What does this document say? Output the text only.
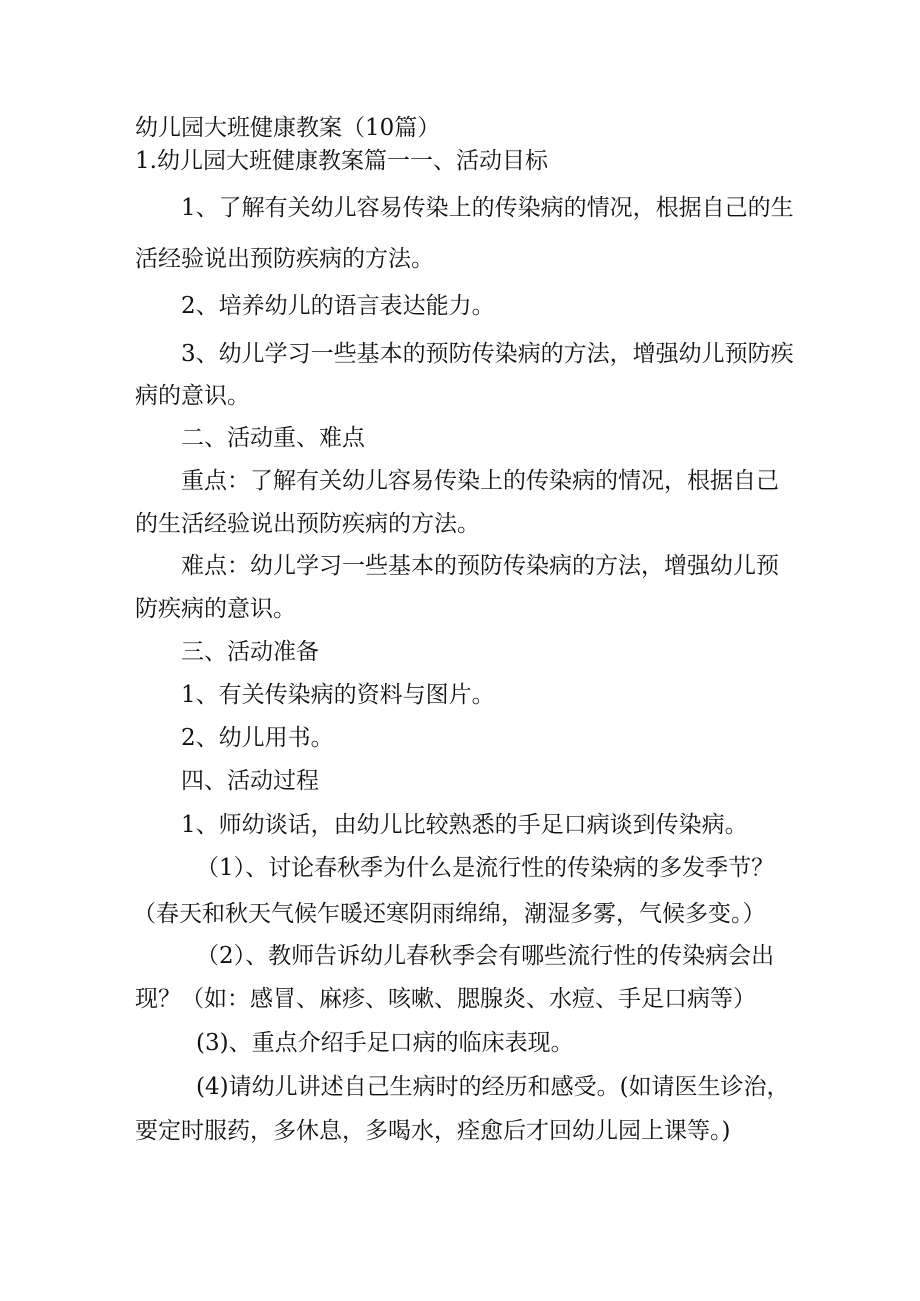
幼儿园大班健康教案（10篇）
1.幼儿园大班健康教案篇一一、活动目标
1、了解有关幼儿容易传染上的传染病的情况，根据自己的生
活经验说出预防疾病的方法。
2、培养幼儿的语言表达能力。
3、幼儿学习一些基本的预防传染病的方法，增强幼儿预防疾
病的意识。
二、活动重、难点
重点：了解有关幼儿容易传染上的传染病的情况，根据自己
的生活经验说出预防疾病的方法。
难点：幼儿学习一些基本的预防传染病的方法，增强幼儿预
防疾病的意识。
三、活动准备
1、有关传染病的资料与图片。
2、幼儿用书。
四、活动过程
1、师幼谈话，由幼儿比较熟悉的手足口病谈到传染病。
（1）、讨论春秋季为什么是流行性的传染病的多发季节？
（春天和秋天气候乍暖还寒阴雨绵绵，潮湿多雾，气候多变。）
（2）、教师告诉幼儿春秋季会有哪些流行性的传染病会出
现？（如：感冒、麻疹、咳嗽、腮腺炎、水痘、手足口病等）
(3)、重点介绍手足口病的临床表现。
(4)请幼儿讲述自己生病时的经历和感受。(如请医生诊治，
要定时服药，多休息，多喝水，痊愈后才回幼儿园上课等。)
